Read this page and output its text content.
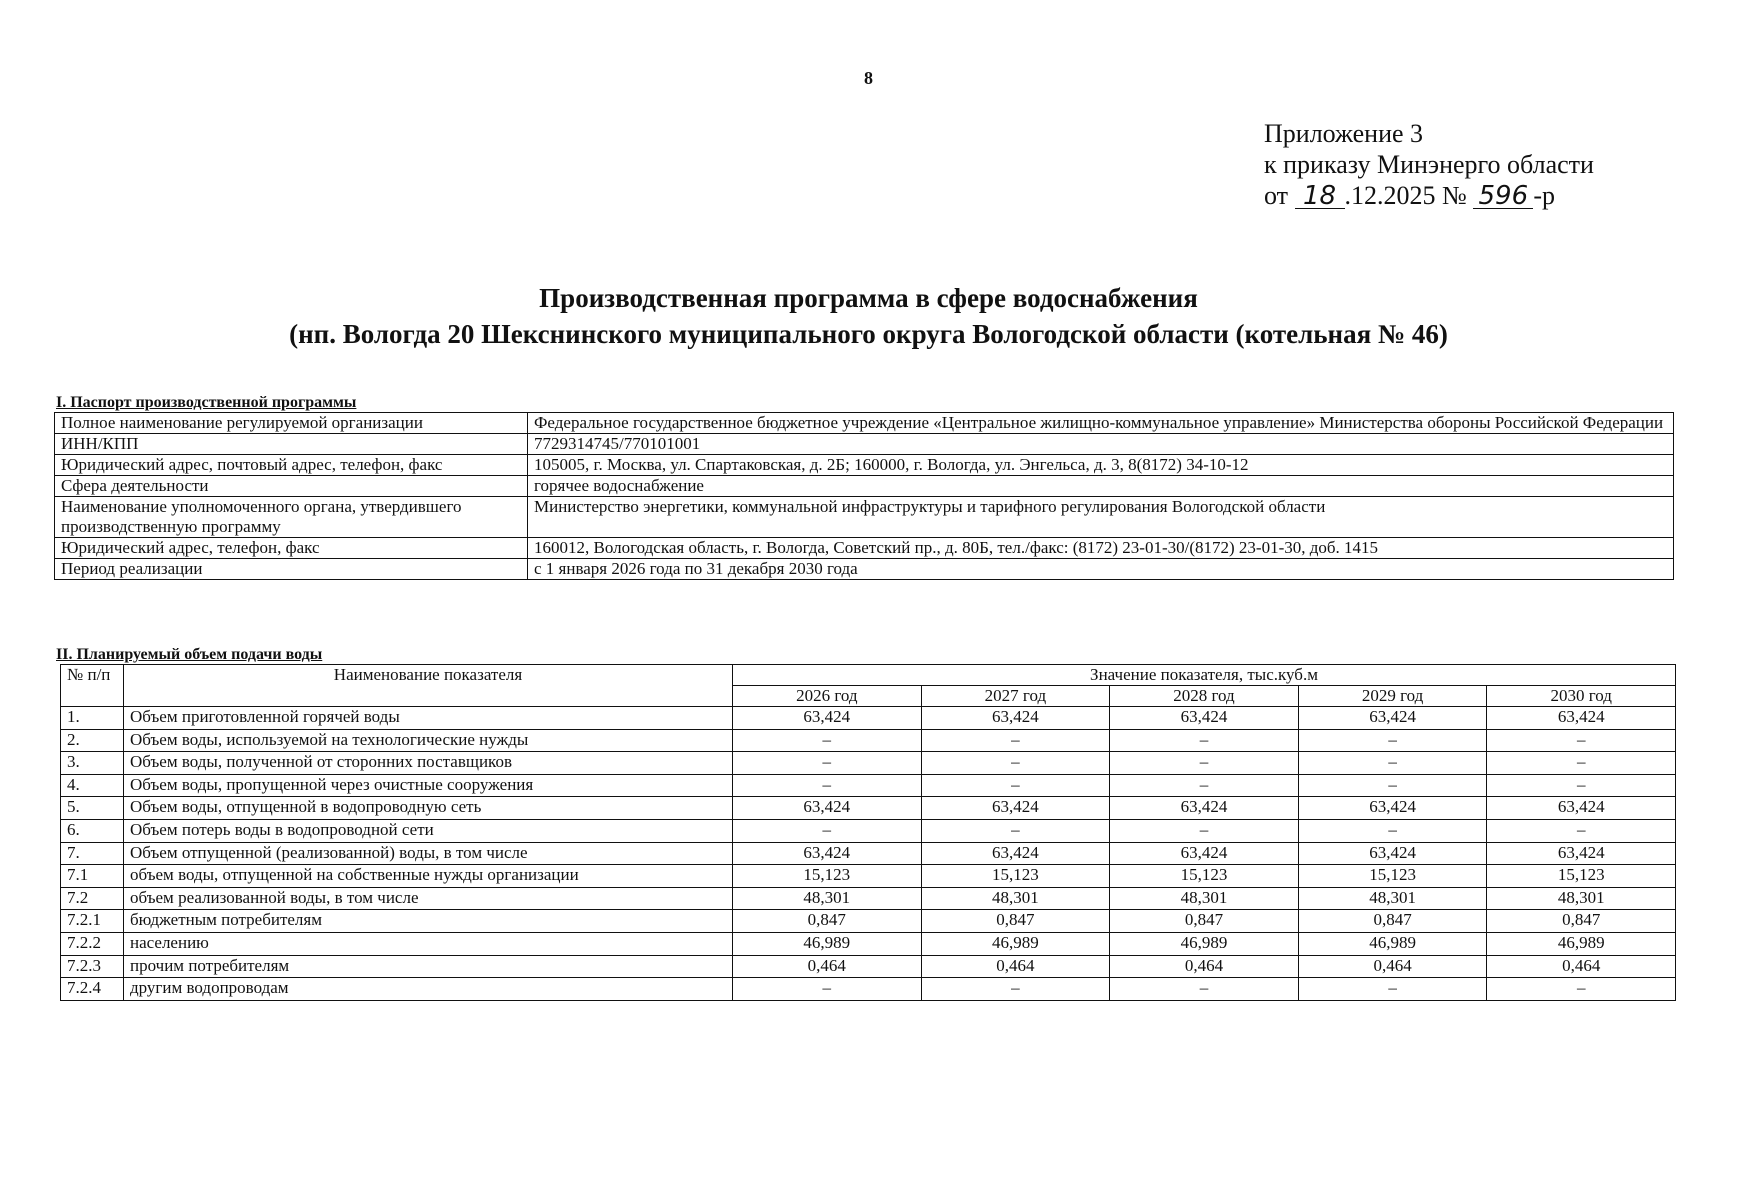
8
Приложение 3
к приказу Минэнерго области
от 18 .12.2025 № 596 -р
Производственная программа в сфере водоснабжения
(нп. Вологда 20 Шекснинского муниципального округа Вологодской области (котельная № 46)
I. Паспорт производственной программы
Полное наименование регулируемой организации	Федеральное государственное бюджетное учреждение «Центральное жилищно-коммунальное управление» Министерства обороны Российской Федерации
ИНН/КПП	7729314745/770101001
Юридический адрес, почтовый адрес, телефон, факс	105005, г. Москва, ул. Спартаковская, д. 2Б; 160000, г. Вологда, ул. Энгельса, д. 3, 8(8172) 34-10-12
Сфера деятельности	горячее водоснабжение
Наименование уполномоченного органа, утвердившего производственную программу	Министерство энергетики, коммунальной инфраструктуры и тарифного регулирования Вологодской области
Юридический адрес, телефон, факс	160012, Вологодская область, г. Вологда, Советский пр., д. 80Б, тел./факс: (8172) 23-01-30/(8172) 23-01-30, доб. 1415
Период реализации	с 1 января 2026 года по 31 декабря 2030 года
II. Планируемый объем подачи воды
№ п/п	Наименование показателя	Значение показателя, тыс.куб.м				
		2026 год	2027 год	2028 год	2029 год	2030 год
1.	Объем приготовленной горячей воды	63,424	63,424	63,424	63,424	63,424
2.	Объем воды, используемой на технологические нужды	–	–	–	–	–
3.	Объем воды, полученной от сторонних поставщиков	–	–	–	–	–
4.	Объем воды, пропущенной через очистные сооружения	–	–	–	–	–
5.	Объем воды, отпущенной в водопроводную сеть	63,424	63,424	63,424	63,424	63,424
6.	Объем потерь воды в водопроводной сети	–	–	–	–	–
7.	Объем отпущенной (реализованной) воды, в том числе	63,424	63,424	63,424	63,424	63,424
7.1	объем воды, отпущенной на собственные нужды организации	15,123	15,123	15,123	15,123	15,123
7.2	объем реализованной воды, в том числе	48,301	48,301	48,301	48,301	48,301
7.2.1	бюджетным потребителям	0,847	0,847	0,847	0,847	0,847
7.2.2	населению	46,989	46,989	46,989	46,989	46,989
7.2.3	прочим потребителям	0,464	0,464	0,464	0,464	0,464
7.2.4	другим водопроводам	–	–	–	–	–
